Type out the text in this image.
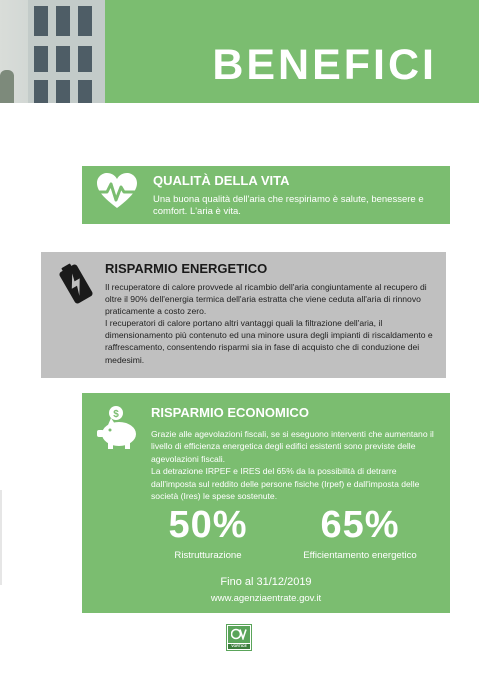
BENEFICI
QUALITÀ DELLA VITA
Una buona qualità dell'aria che respiriamo è salute, benessere e comfort. L'aria è vita.
RISPARMIO ENERGETICO
Il recuperatore di calore provvede al ricambio dell'aria congiuntamente al recupero di oltre il 90% dell'energia termica dell'aria estratta che viene ceduta all'aria di rinnovo praticamente a costo zero.
I recuperatori di calore portano altri vantaggi quali la filtrazione dell'aria, il dimensionamento più contenuto ed una minore usura degli impianti di riscaldamento e raffrescamento, consentendo risparmi sia in fase di acquisto che di conduzione dei medesimi.
$ RISPARMIO ECONOMICO
Grazie alle agevolazioni fiscali, se si eseguono interventi che aumentano il livello di efficienza energetica degli edifici esistenti sono previste delle agevolazioni fiscali.
La detrazione IRPEF e IRES del 65% da la possibilità di detrarre dall'imposta sul reddito delle persone fisiche (Irpef) e dall'imposta delle società (Ires) le spese sostenute.
50%
Ristrutturazione
65%
Efficientamento energetico
Fino al 31/12/2019
www.agenziaentrate.gov.it
VORTICE
